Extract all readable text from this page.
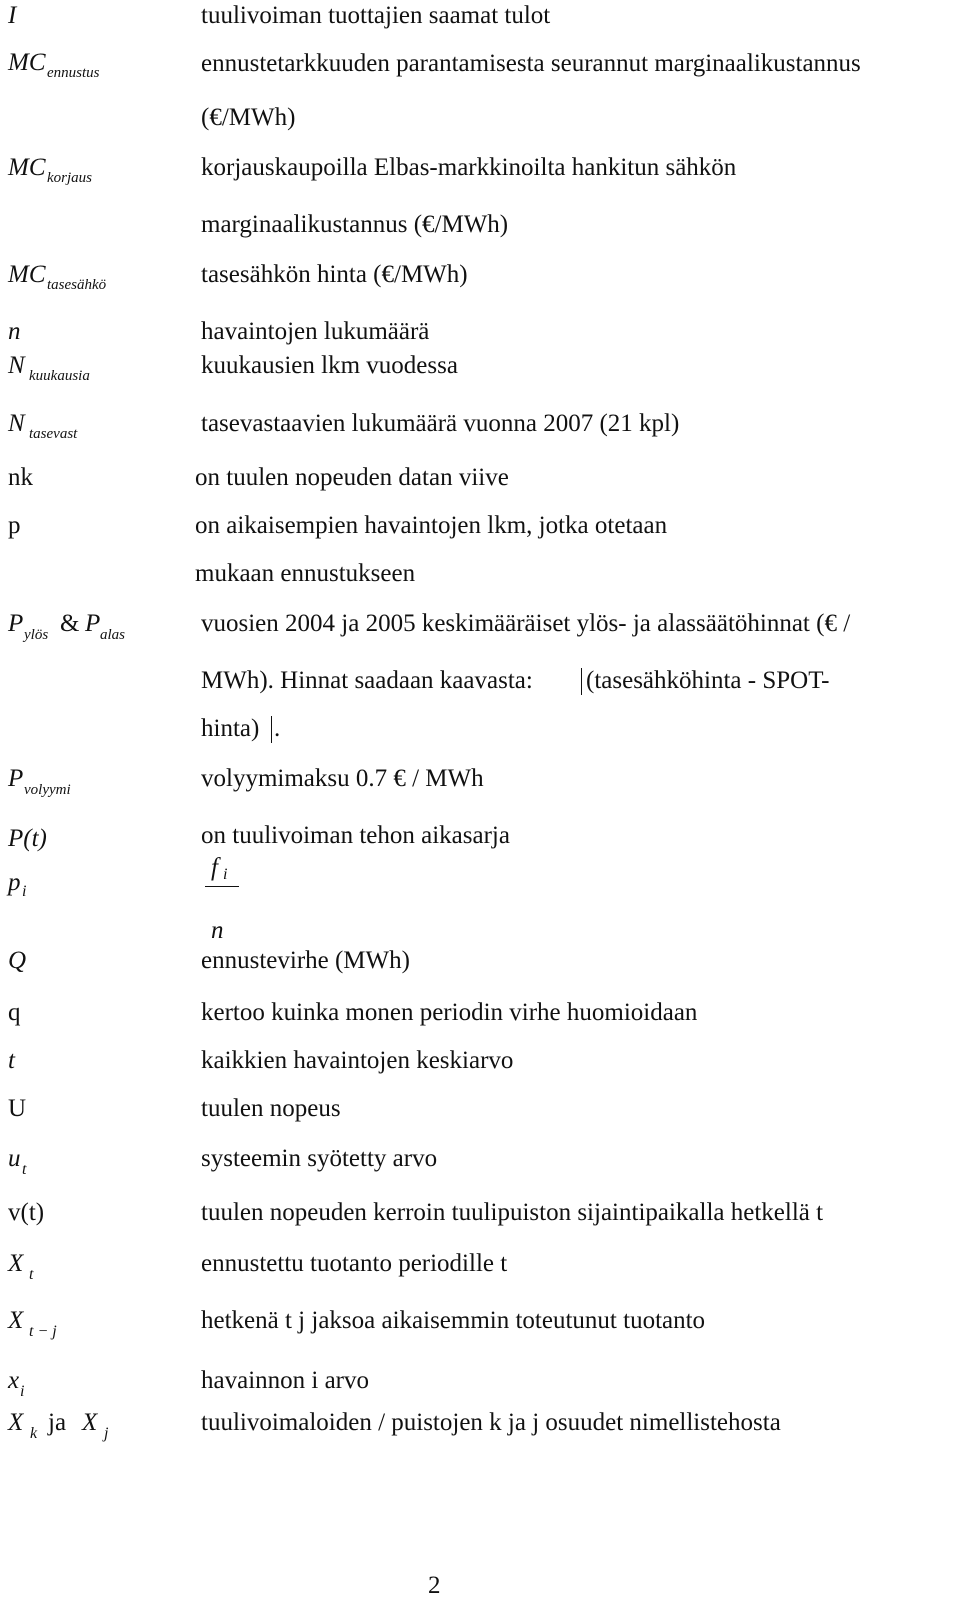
I
MC ennustus
MC korjaus
MC tasesähkö
n
N kuukausia
N tasevast
nk
p
P ylös & P alas
P volyymi
P(t)
p i
Q
q
t
U
u t
v(t)
X t
X t − j
x i
X k ja X j
tuulivoiman tuottajien saamat tulot
ennustetarkkuuden parantamisesta seurannut marginaalikustannus
(€/MWh)
korjauskaupoilla Elbas-markkinoilta hankitun sähkön
marginaalikustannus (€/MWh)
tasesähkön hinta (€/MWh)
havaintojen lukumäärä
kuukausien lkm vuodessa
tasevastaavien lukumäärä vuonna 2007 (21 kpl)
on tuulen nopeuden datan viive
on aikaisempien havaintojen lkm, jotka otetaan
mukaan ennustukseen
vuosien 2004 ja 2005 keskimääräiset ylös- ja alassäätöhinnat (€ /
MWh). Hinnat saadaan kaavasta: (tasesähköhinta - SPOT-
hinta) .
volyymimaksu 0.7 € / MWh
on tuulivoiman tehon aikasarja
f i
n
ennustevirhe (MWh)
kertoo kuinka monen periodin virhe huomioidaan
kaikkien havaintojen keskiarvo
tuulen nopeus
systeemin syötetty arvo
tuulen nopeuden kerroin tuulipuiston sijaintipaikalla hetkellä t
ennustettu tuotanto periodille t
hetkenä t j jaksoa aikaisemmin toteutunut tuotanto
havainnon i arvo
tuulivoimaloiden / puistojen k ja j osuudet nimellistehosta
2
